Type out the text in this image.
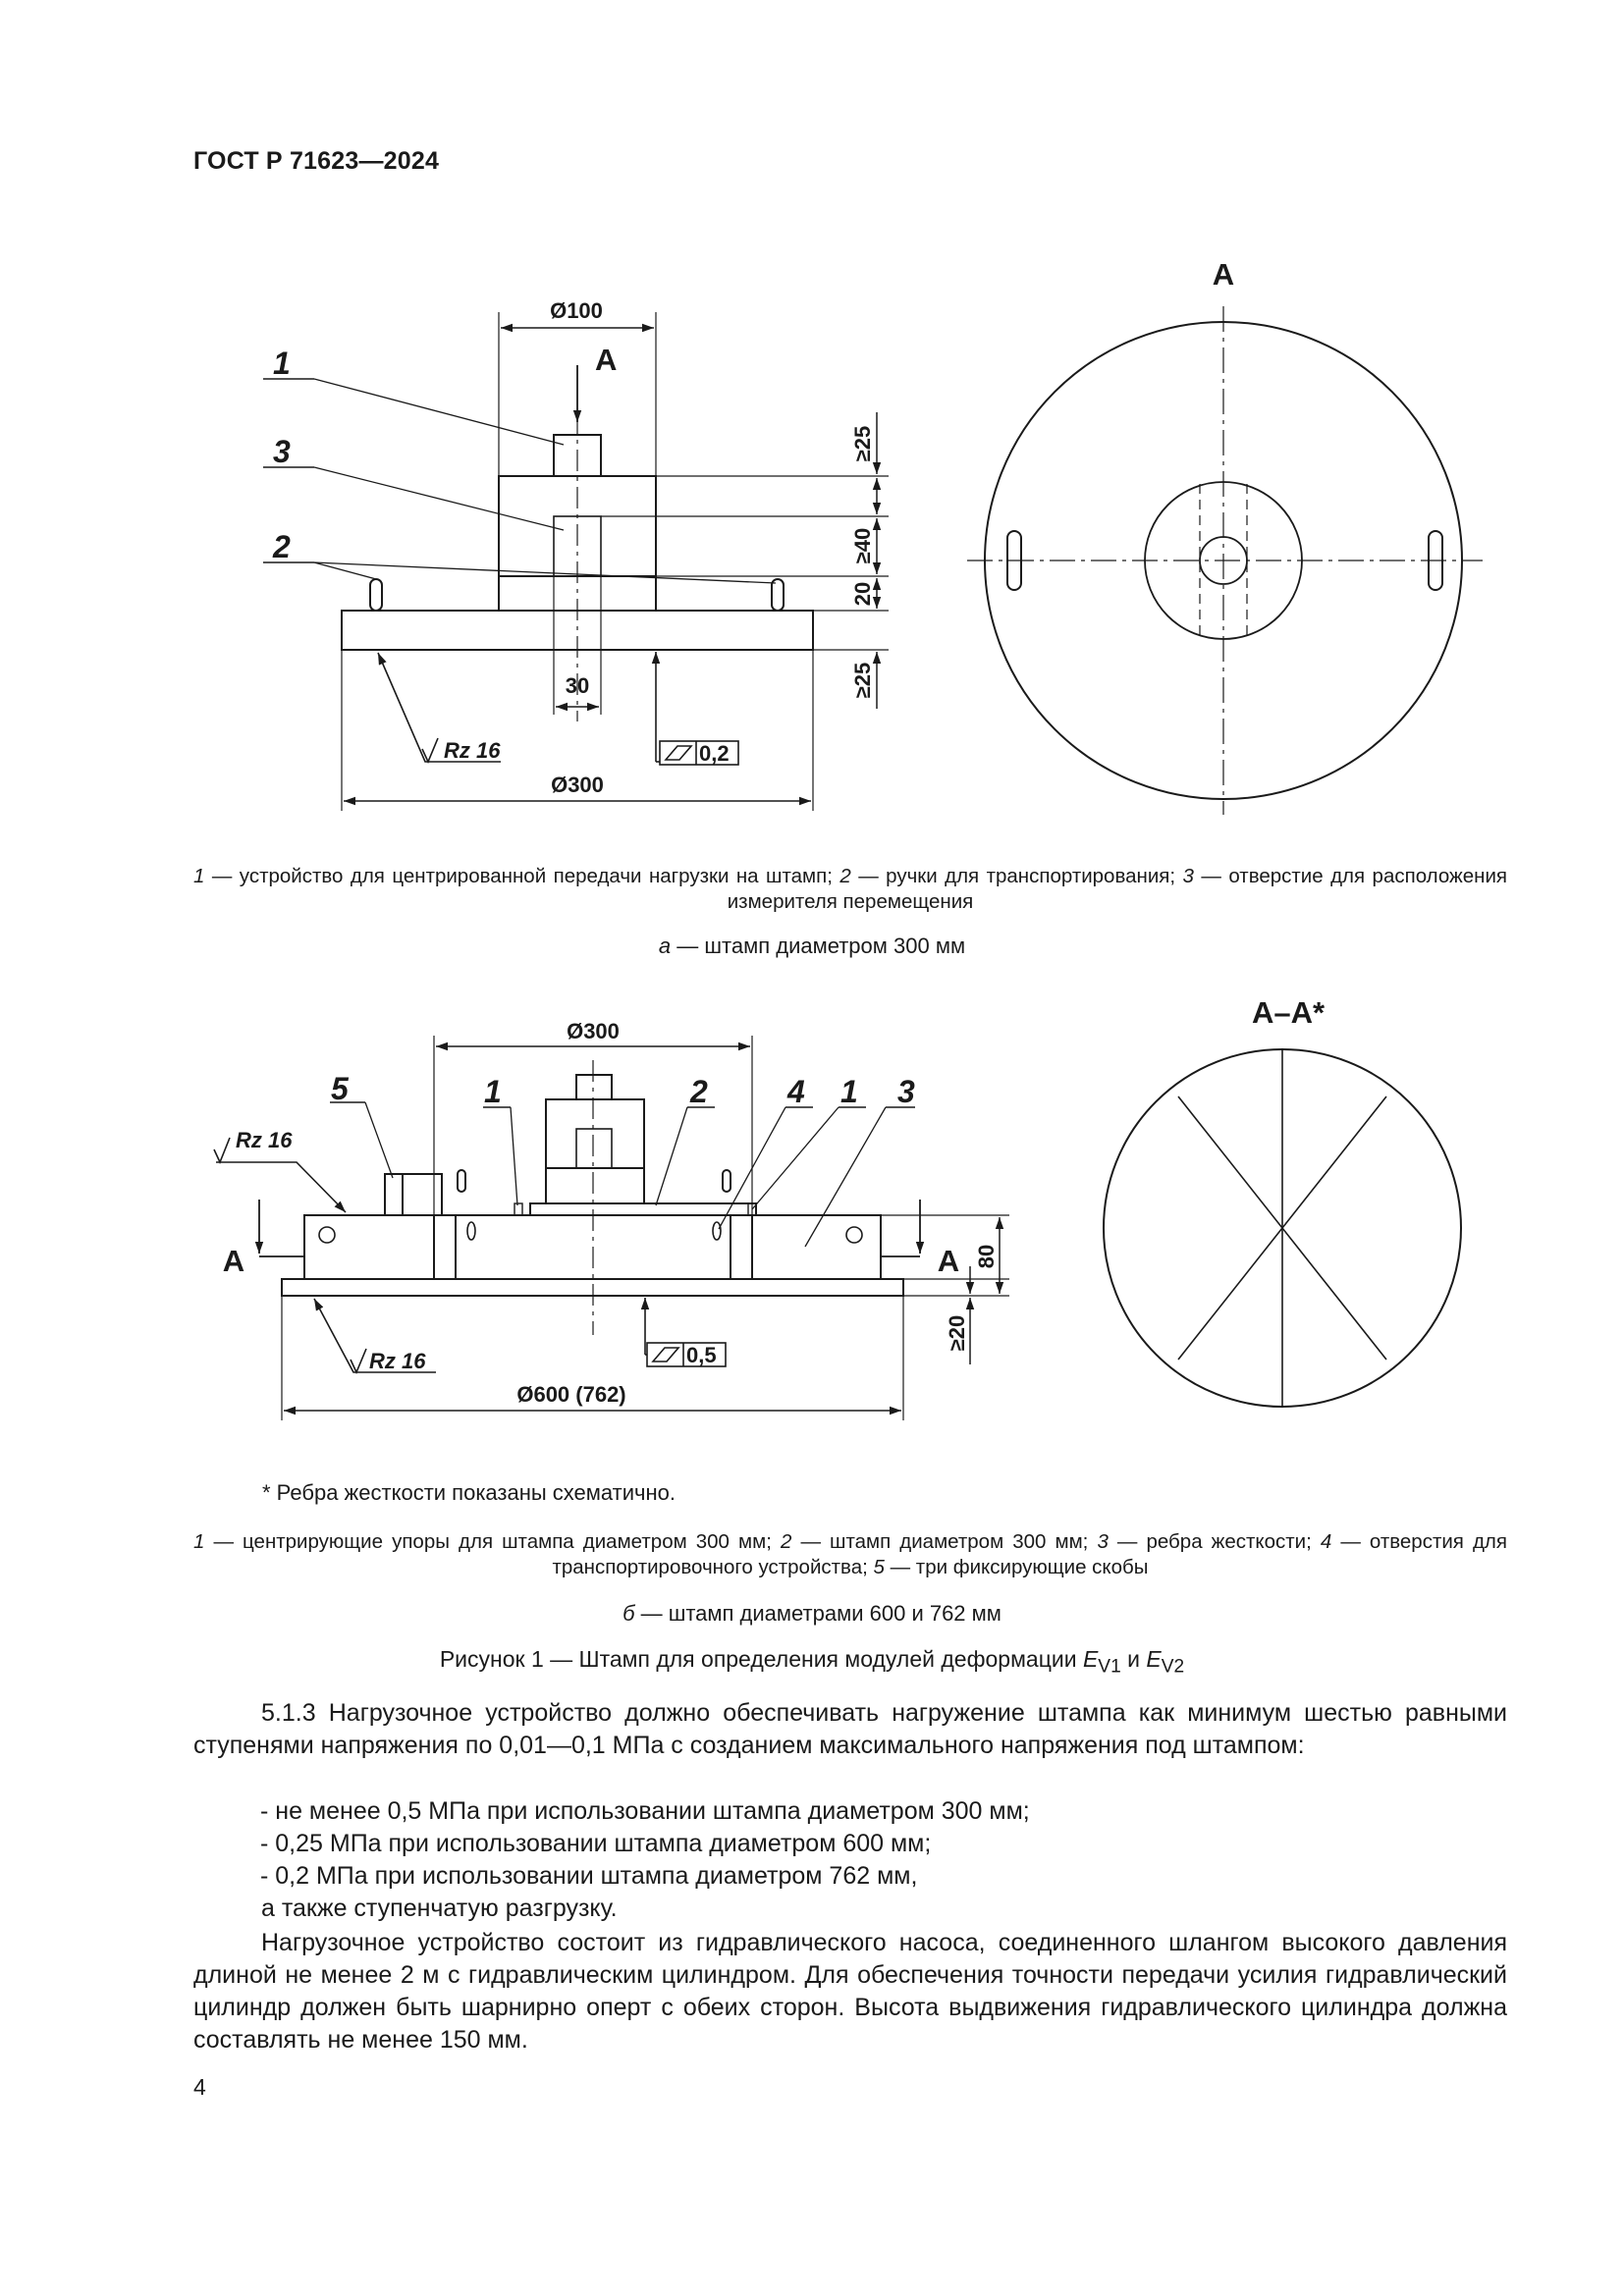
ГОСТ Р 71623—2024
Ø100
A
Ø300
30
≥25
≥40
20
≥25
Rz 16	0,2
1
3
2
A
Ø300
Ø600 (762)
80
≥20
A	A
Rz 16
Rz 16	0,5
5	1	2	4 1 3
A–A*
1 — устройство для центрированной передачи нагрузки на штамп; 2 — ручки для транспортирования; 3 — отверстие для расположения измерителя перемещения
а — штамп диаметром 300 мм
* Ребра жесткости показаны схематично.
1 — центрирующие упоры для штампа диаметром 300 мм; 2 — штамп диаметром 300 мм; 3 — ребра жесткости; 4 — отверстия для транспортировочного устройства; 5 — три фиксирующие скобы
б — штамп диаметрами 600 и 762 мм
Рисунок 1 — Штамп для определения модулей деформации $E_{V1}$ и $E_{V2}$
5.1.3 Нагрузочное устройство должно обеспечивать нагружение штампа как минимум шестью равными ступенями напряжения по 0,01—0,1 МПа с созданием максимального напряжения под штампом:
- не менее 0,5 МПа при использовании штампа диаметром 300 мм;
- 0,25 МПа при использовании штампа диаметром 600 мм;
- 0,2 МПа при использовании штампа диаметром 762 мм,
а также ступенчатую разгрузку.
Нагрузочное устройство состоит из гидравлического насоса, соединенного шлангом высокого давления длиной не менее 2 м с гидравлическим цилиндром. Для обеспечения точности передачи усилия гидравлический цилиндр должен быть шарнирно оперт с обеих сторон. Высота выдвижения гидравлического цилиндра должна составлять не менее 150 мм.
4
